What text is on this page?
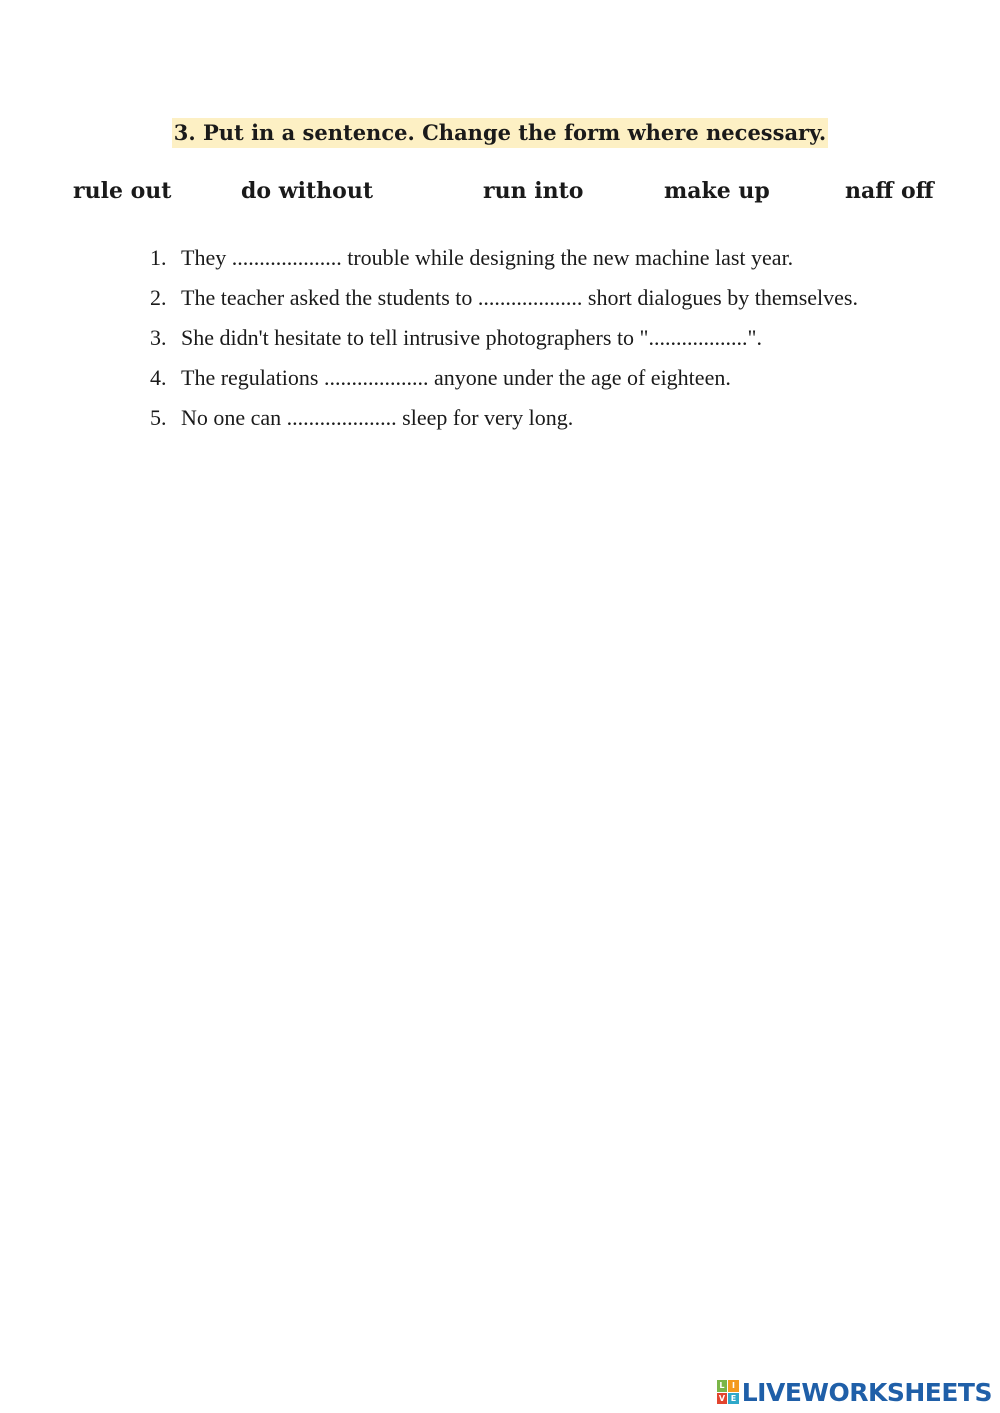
3. Put in a sentence. Change the form where necessary.
rule out	do without	run into	make up	naff off
1. They .................... trouble while designing the new machine last year.
2. The teacher asked the students to ................... short dialogues by themselves.
3. She didn't hesitate to tell intrusive photographers to "..................".
4. The regulations ................... anyone under the age of eighteen.
5. No one can .................... sleep for very long.
L I
V E LIVEWORKSHEETS
